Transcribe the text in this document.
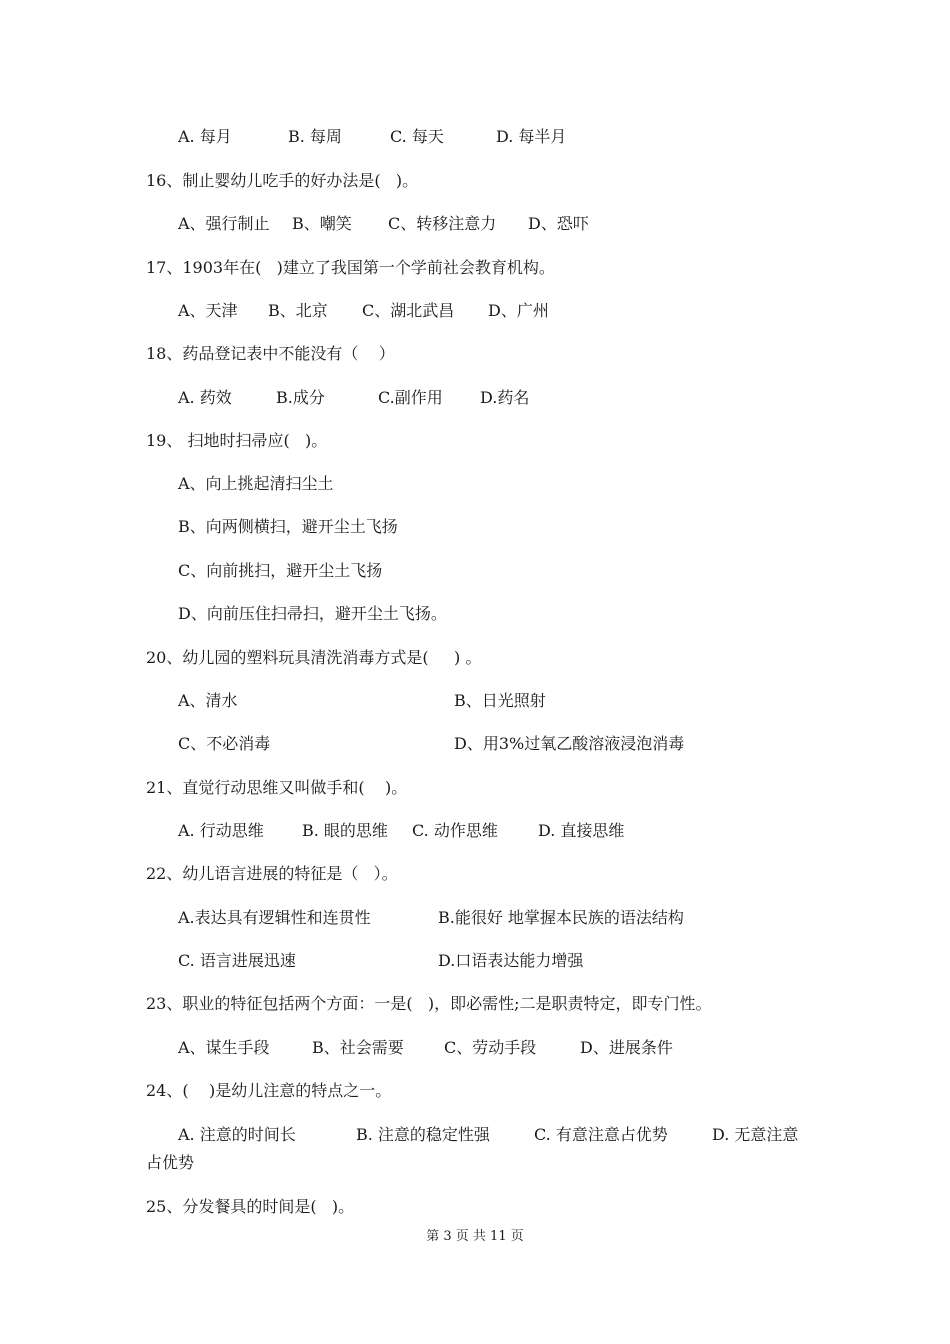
A. 每月	B. 每周	C. 每天	D. 每半月
16、制止婴幼儿吃手的好办法是(   )。
A、强行制止 B、嘲笑 C、转移注意力 D、恐吓
17、1903年在(   )建立了我国第一个学前社会教育机构。
A、天津 B、北京 C、湖北武昌 D、广州
18、药品登记表中不能没有（    ）
A. 药效	B.成分	C.副作用 D.药名
19、 扫地时扫帚应(   )。
A、向上挑起清扫尘土
B、向两侧横扫，避开尘土飞扬
C、向前挑扫，避开尘土飞扬
D、向前压住扫帚扫，避开尘土飞扬。
20、幼儿园的塑料玩具清洗消毒方式是(     ) 。
A、清水	B、日光照射
C、不必消毒	D、用3%过氧乙酸溶液浸泡消毒
21、直觉行动思维又叫做手和(    )。
A. 行动思维 B. 眼的思维 C. 动作思维	D. 直接思维
22、幼儿语言进展的特征是（   ）。
A.表达具有逻辑性和连贯性	B.能很好 地掌握本民族的语法结构
C. 语言进展迅速	D.口语表达能力增强
23、职业的特征包括两个方面：一是(   )，即必需性;二是职责特定，即专门性。
A、谋生手段	B、社会需要	C、劳动手段	D、进展条件
24、(    )是幼儿注意的特点之一。
A. 注意的时间长	B. 注意的稳定性强	C. 有意注意占优势	D. 无意注意
占优势
25、分发餐具的时间是(   )。
第 3 页 共 11 页
